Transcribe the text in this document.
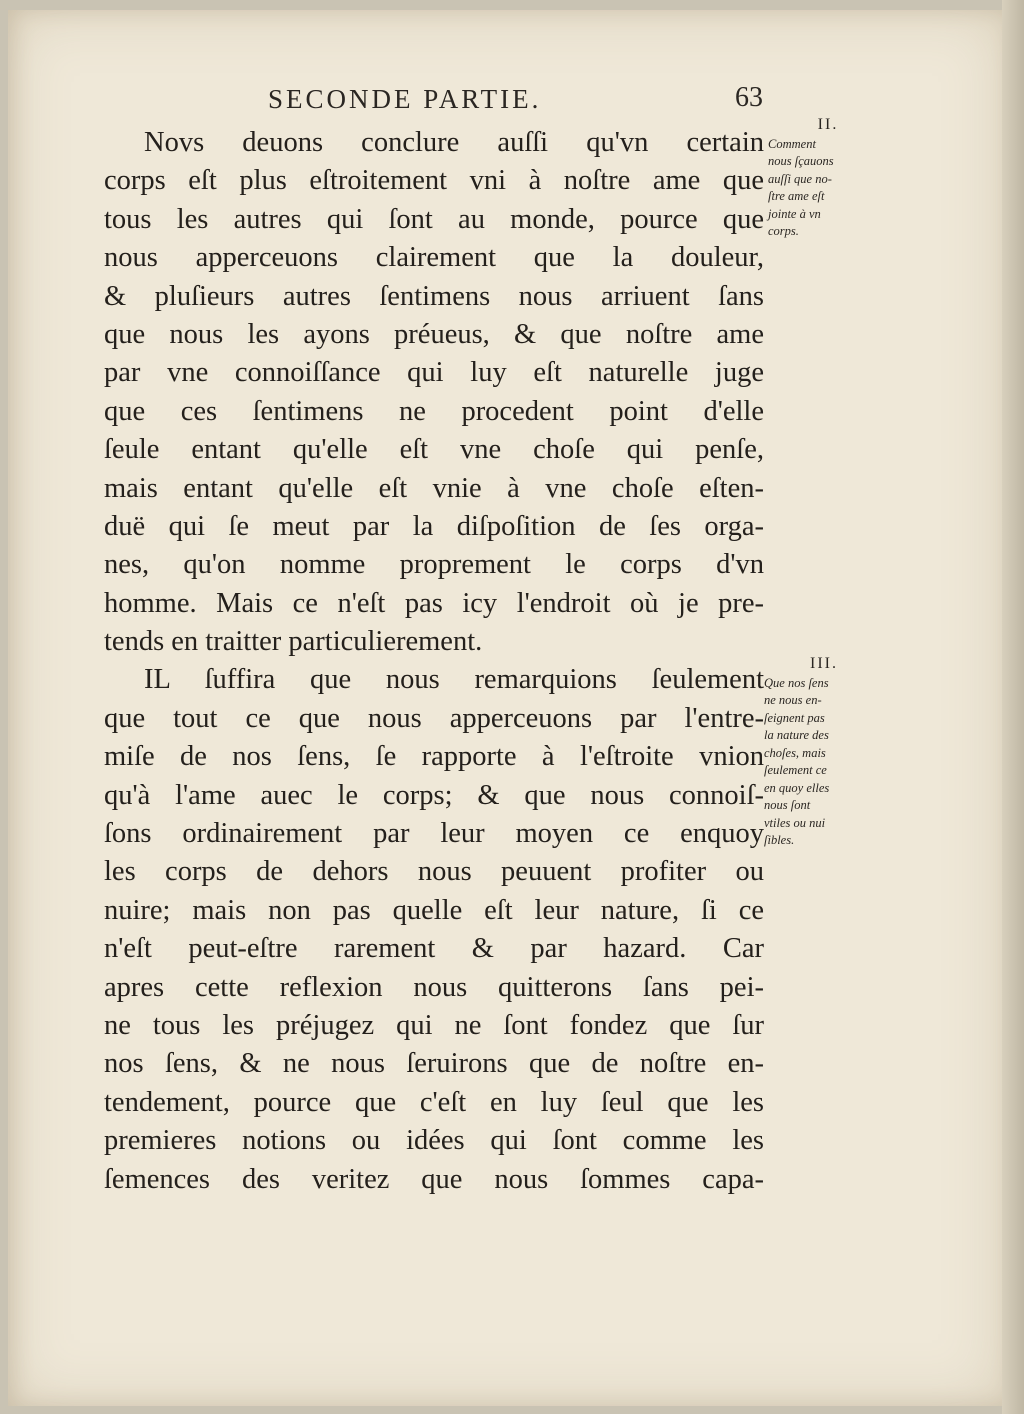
SECONDE PARTIE.	63
Novs deuons conclure auſſi qu'vn certain
corps eſt plus eſtroitement vni à noſtre ame que
tous les autres qui ſont au monde, pource que
nous apperceuons clairement que la douleur,
& pluſieurs autres ſentimens nous arriuent ſans
que nous les ayons préueus, & que noſtre ame
par vne connoiſſance qui luy eſt naturelle juge
que ces ſentimens ne procedent point d'elle
ſeule entant qu'elle eſt vne choſe qui penſe,
mais entant qu'elle eſt vnie à vne choſe eſten-
duë qui ſe meut par la diſpoſition de ſes orga-
nes, qu'on nomme proprement le corps d'vn
homme. Mais ce n'eſt pas icy l'endroit où je pre-
tends en traitter particulierement.
IL ſuffira que nous remarquions ſeulement
que tout ce que nous apperceuons par l'entre-
miſe de nos ſens, ſe rapporte à l'eſtroite vnion
qu'à l'ame auec le corps; & que nous connoiſ-
ſons ordinairement par leur moyen ce enquoy
les corps de dehors nous peuuent profiter ou
nuire; mais non pas quelle eſt leur nature, ſi ce
n'eſt peut-eſtre rarement & par hazard. Car
apres cette reflexion nous quitterons ſans pei-
ne tous les préjugez qui ne ſont fondez que ſur
nos ſens, & ne nous ſeruirons que de noſtre en-
tendement, pource que c'eſt en luy ſeul que les
premieres notions ou idées qui ſont comme les
ſemences des veritez que nous ſommes capa-
II.
Comment
nous ſçauons
auſſi que no-
ſtre ame eſt
jointe à vn
corps.
III.
Que nos ſens
ne nous en-
ſeignent pas
la nature des
choſes, mais
ſeulement ce
en quoy elles
nous ſont
vtiles ou nui
ſibles.
